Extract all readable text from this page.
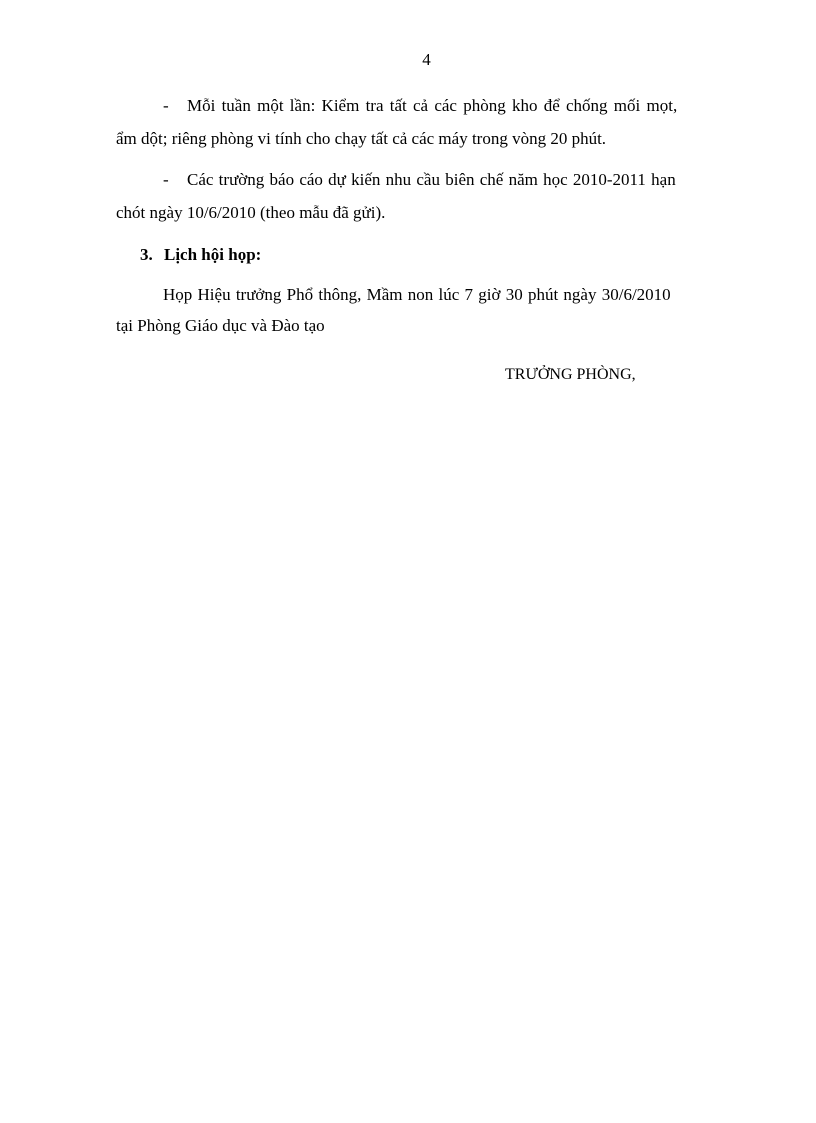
4
- Mỗi tuần một lần: Kiểm tra tất cả các phòng kho để chống mối mọt,
ẩm dột; riêng phòng vi tính cho chạy tất cả các máy trong vòng 20 phút.
- Các trường báo cáo dự kiến nhu cầu biên chế năm học 2010-2011 hạn
chót ngày 10/6/2010 (theo mẫu đã gửi).
3. Lịch hội họp:
Họp Hiệu trưởng Phổ thông, Mầm non lúc 7 giờ 30 phút ngày 30/6/2010
tại Phòng Giáo dục và Đào tạo
TRƯỞNG PHÒNG,
